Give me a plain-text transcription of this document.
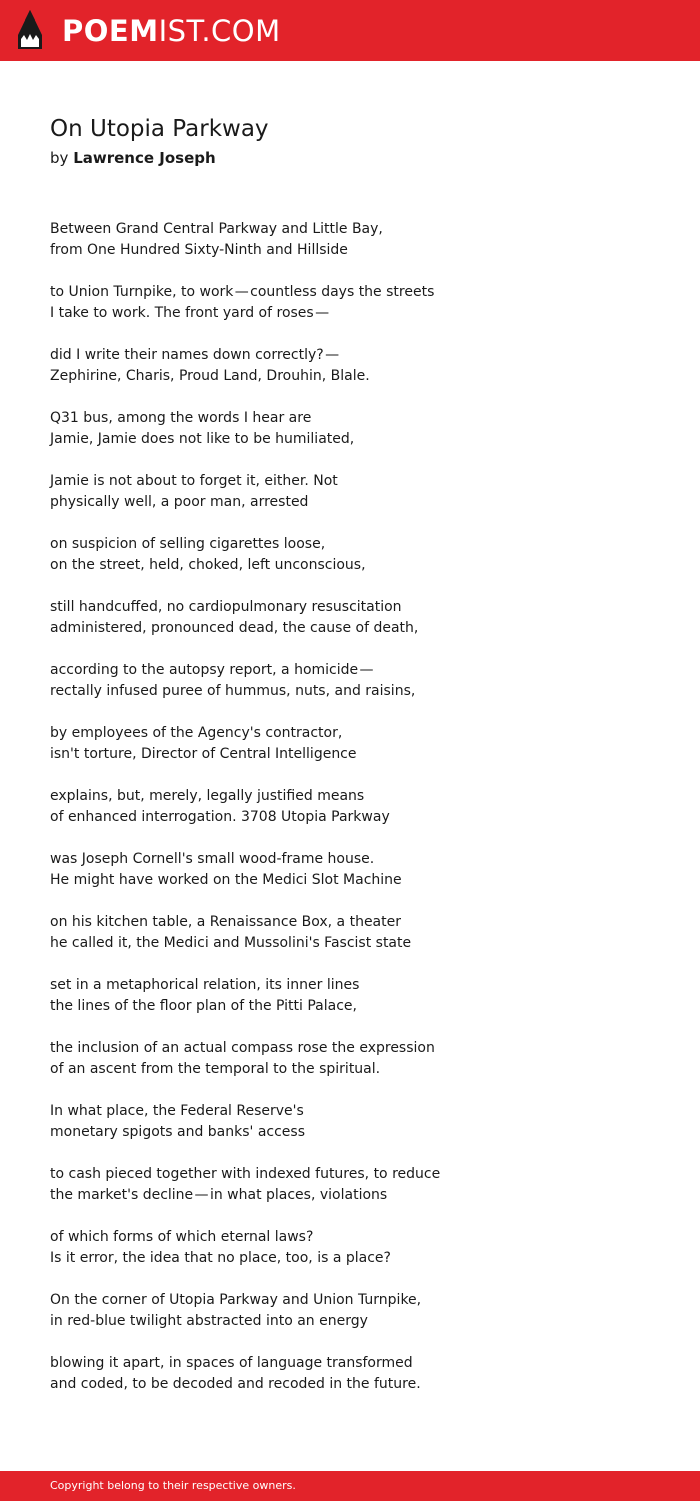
POEMIST.COM
On Utopia Parkway
by Lawrence Joseph
Between Grand Central Parkway and Little Bay,
from One Hundred Sixty-Ninth and Hillside
to Union Turnpike, to work — countless days the streets
I take to work. The front yard of roses — 
did I write their names down correctly? — 
Zephirine, Charis, Proud Land, Drouhin, Blale.
Q31 bus, among the words I hear are
Jamie, Jamie does not like to be humiliated,
Jamie is not about to forget it, either. Not
physically well, a poor man, arrested
on suspicion of selling cigarettes loose,
on the street, held, choked, left unconscious,
still handcuffed, no cardiopulmonary resuscitation
administered, pronounced dead, the cause of death,
according to the autopsy report, a homicide — 
rectally infused puree of hummus, nuts, and raisins,
by employees of the Agency's contractor,
isn't torture, Director of Central Intelligence
explains, but, merely, legally justified means
of enhanced interrogation. 3708 Utopia Parkway
was Joseph Cornell's small wood-frame house.
He might have worked on the Medici Slot Machine
on his kitchen table, a Renaissance Box, a theater
he called it, the Medici and Mussolini's Fascist state
set in a metaphorical relation, its inner lines
the lines of the floor plan of the Pitti Palace,
the inclusion of an actual compass rose the expression
of an ascent from the temporal to the spiritual.
In what place, the Federal Reserve's
monetary spigots and banks' access
to cash pieced together with indexed futures, to reduce
the market's decline — in what places, violations
of which forms of which eternal laws?
Is it error, the idea that no place, too, is a place?
On the corner of Utopia Parkway and Union Turnpike,
in red-blue twilight abstracted into an energy
blowing it apart, in spaces of language transformed
and coded, to be decoded and recoded in the future.
Copyright belong to their respective owners.
